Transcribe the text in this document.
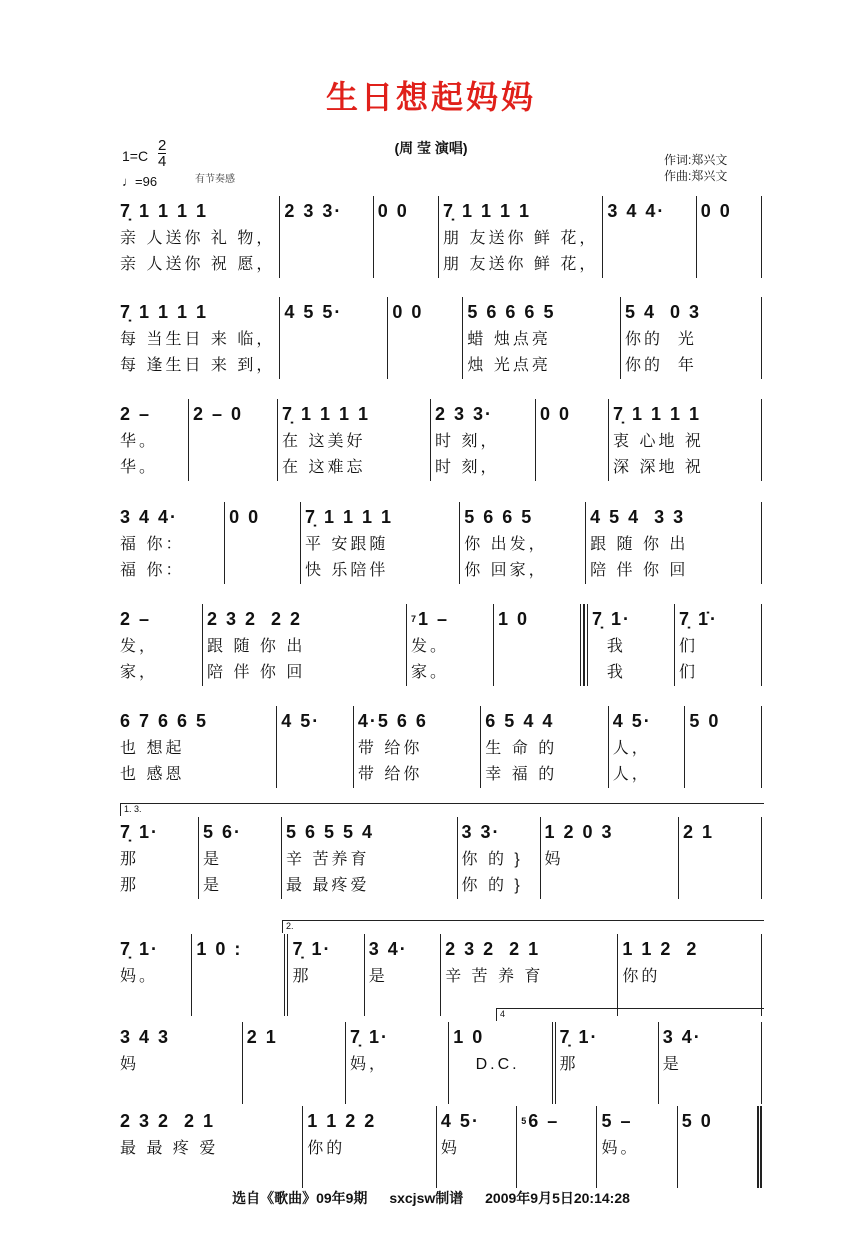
生日想起妈妈
(周 莹 演唱)
1=C
2
4
♩=96	有节奏感
作词:郑兴文
作曲:郑兴文
7̣ 1 1 1 1
亲 人送你 礼 物，
亲 人送你 祝 愿，
2 3 3·	0 0	7̣ 1 1 1 1
朋 友送你 鲜 花，
朋 友送你 鲜 花，
3 4 4·	0 0
7̣ 1 1 1 1
每 当生日 来 临，
每 逢生日 来 到，
4 5 5·	0 0	5 6 6 6 5
蜡 烛点亮
烛 光点亮
5 4  0 3
你的  光
你的  年
2 –
华。
华。
2 – 0	7̣ 1 1 1 1
在 这美好
在 这难忘
2 3 3·
时 刻，
时 刻，
0 0	7̣ 1 1 1 1
衷 心地 祝
深 深地 祝
3 4 4·
福 你：
福 你：
0 0	7̣ 1 1 1 1
平 安跟随
快 乐陪伴
5 6 6 5
你 出发，
你 回家，
4 5 4  3 3
跟 随 你 出
陪 伴 你 回
2 –
发，
家，
2 3 2  2 2
跟 随 你 出
陪 伴 你 回
$^7$1 –
发。
家。
1 0	7̣ 1·
我
我
7̣ 1̇·
们
们
6 7 6 6 5
也 想起
也 感恩
4 5·	4·5 6 6
带 给你
带 给你
6 5 4 4
生 命 的
幸 福 的
4 5·
人，
人，
5 0
1. 3.
7̣ 1·
那
那
5 6·
是
是
5 6 5 5 4
辛 苦养育
最 最疼爱
3 3·
你 的 }
你 的 }
1 2 0 3
妈
2 1
2.
7̣ 1·
妈。
1 0 :	7̣ 1·
那
3 4·
是
2 3 2  2 1
辛 苦 养 育
1 1 2  2
你的
4
3 4 3
妈
2 1	7̣ 1·
妈，
1 0
D.C.
7̣ 1·
那
3 4·
是
2 3 2  2 1
最 最 疼 爱
1 1 2 2
你的
4 5·
妈
$^5$6 –	5 –
妈。
5 0
选自《歌曲》09年9期 sxcjsw制谱 2009年9月5日20:14:28
